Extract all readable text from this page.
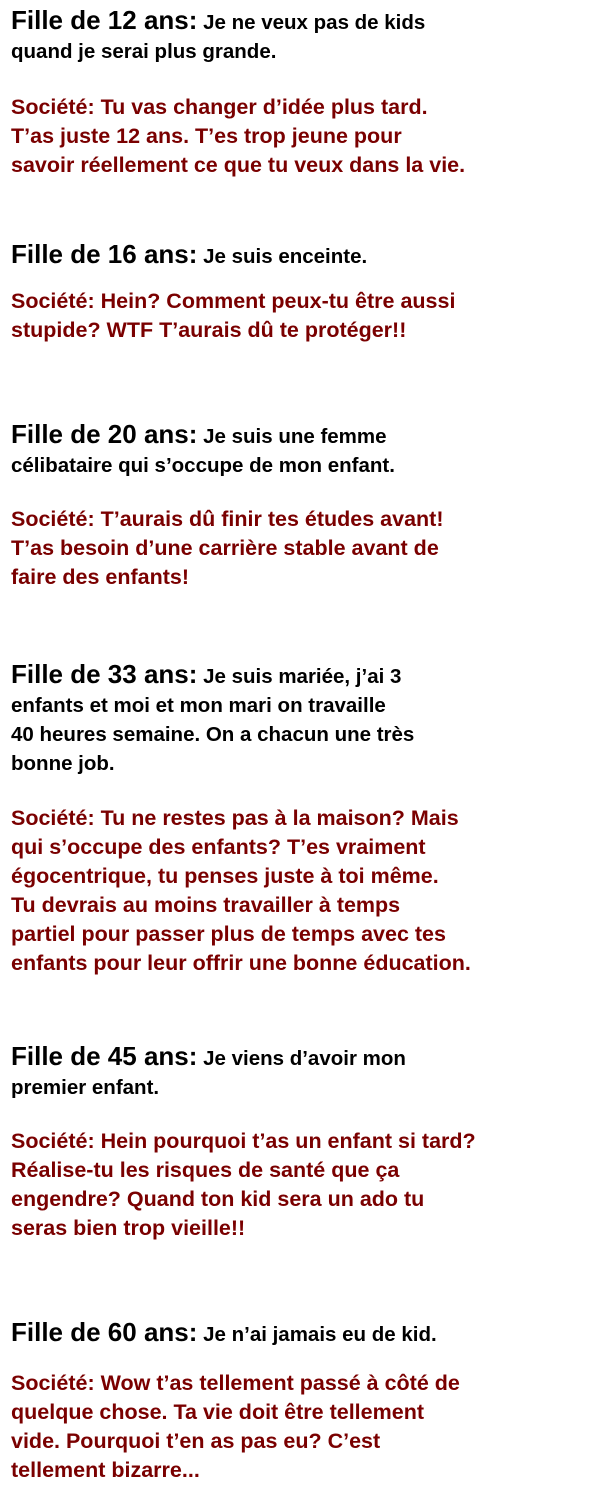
Fille de 12 ans: Je ne veux pas de kids
quand je serai plus grande.
Société: Tu vas changer d’idée plus tard.
T’as juste 12 ans. T’es trop jeune pour
savoir réellement ce que tu veux dans la vie.
Fille de 16 ans: Je suis enceinte.
Société: Hein? Comment peux-tu être aussi
stupide? WTF T’aurais dû te protéger!!
Fille de 20 ans: Je suis une femme
célibataire qui s’occupe de mon enfant.
Société: T’aurais dû finir tes études avant!
T’as besoin d’une carrière stable avant de
faire des enfants!
Fille de 33 ans: Je suis mariée, j’ai 3
enfants et moi et mon mari on travaille
40 heures semaine. On a chacun une très
bonne job.
Société: Tu ne restes pas à la maison? Mais
qui s’occupe des enfants? T’es vraiment
égocentrique, tu penses juste à toi même.
Tu devrais au moins travailler à temps
partiel pour passer plus de temps avec tes
enfants pour leur offrir une bonne éducation.
Fille de 45 ans: Je viens d’avoir mon
premier enfant.
Société: Hein pourquoi t’as un enfant si tard?
Réalise-tu les risques de santé que ça
engendre? Quand ton kid sera un ado tu
seras bien trop vieille!!
Fille de 60 ans: Je n’ai jamais eu de kid.
Société: Wow t’as tellement passé à côté de
quelque chose. Ta vie doit être tellement
vide. Pourquoi t’en as pas eu? C’est
tellement bizarre...
